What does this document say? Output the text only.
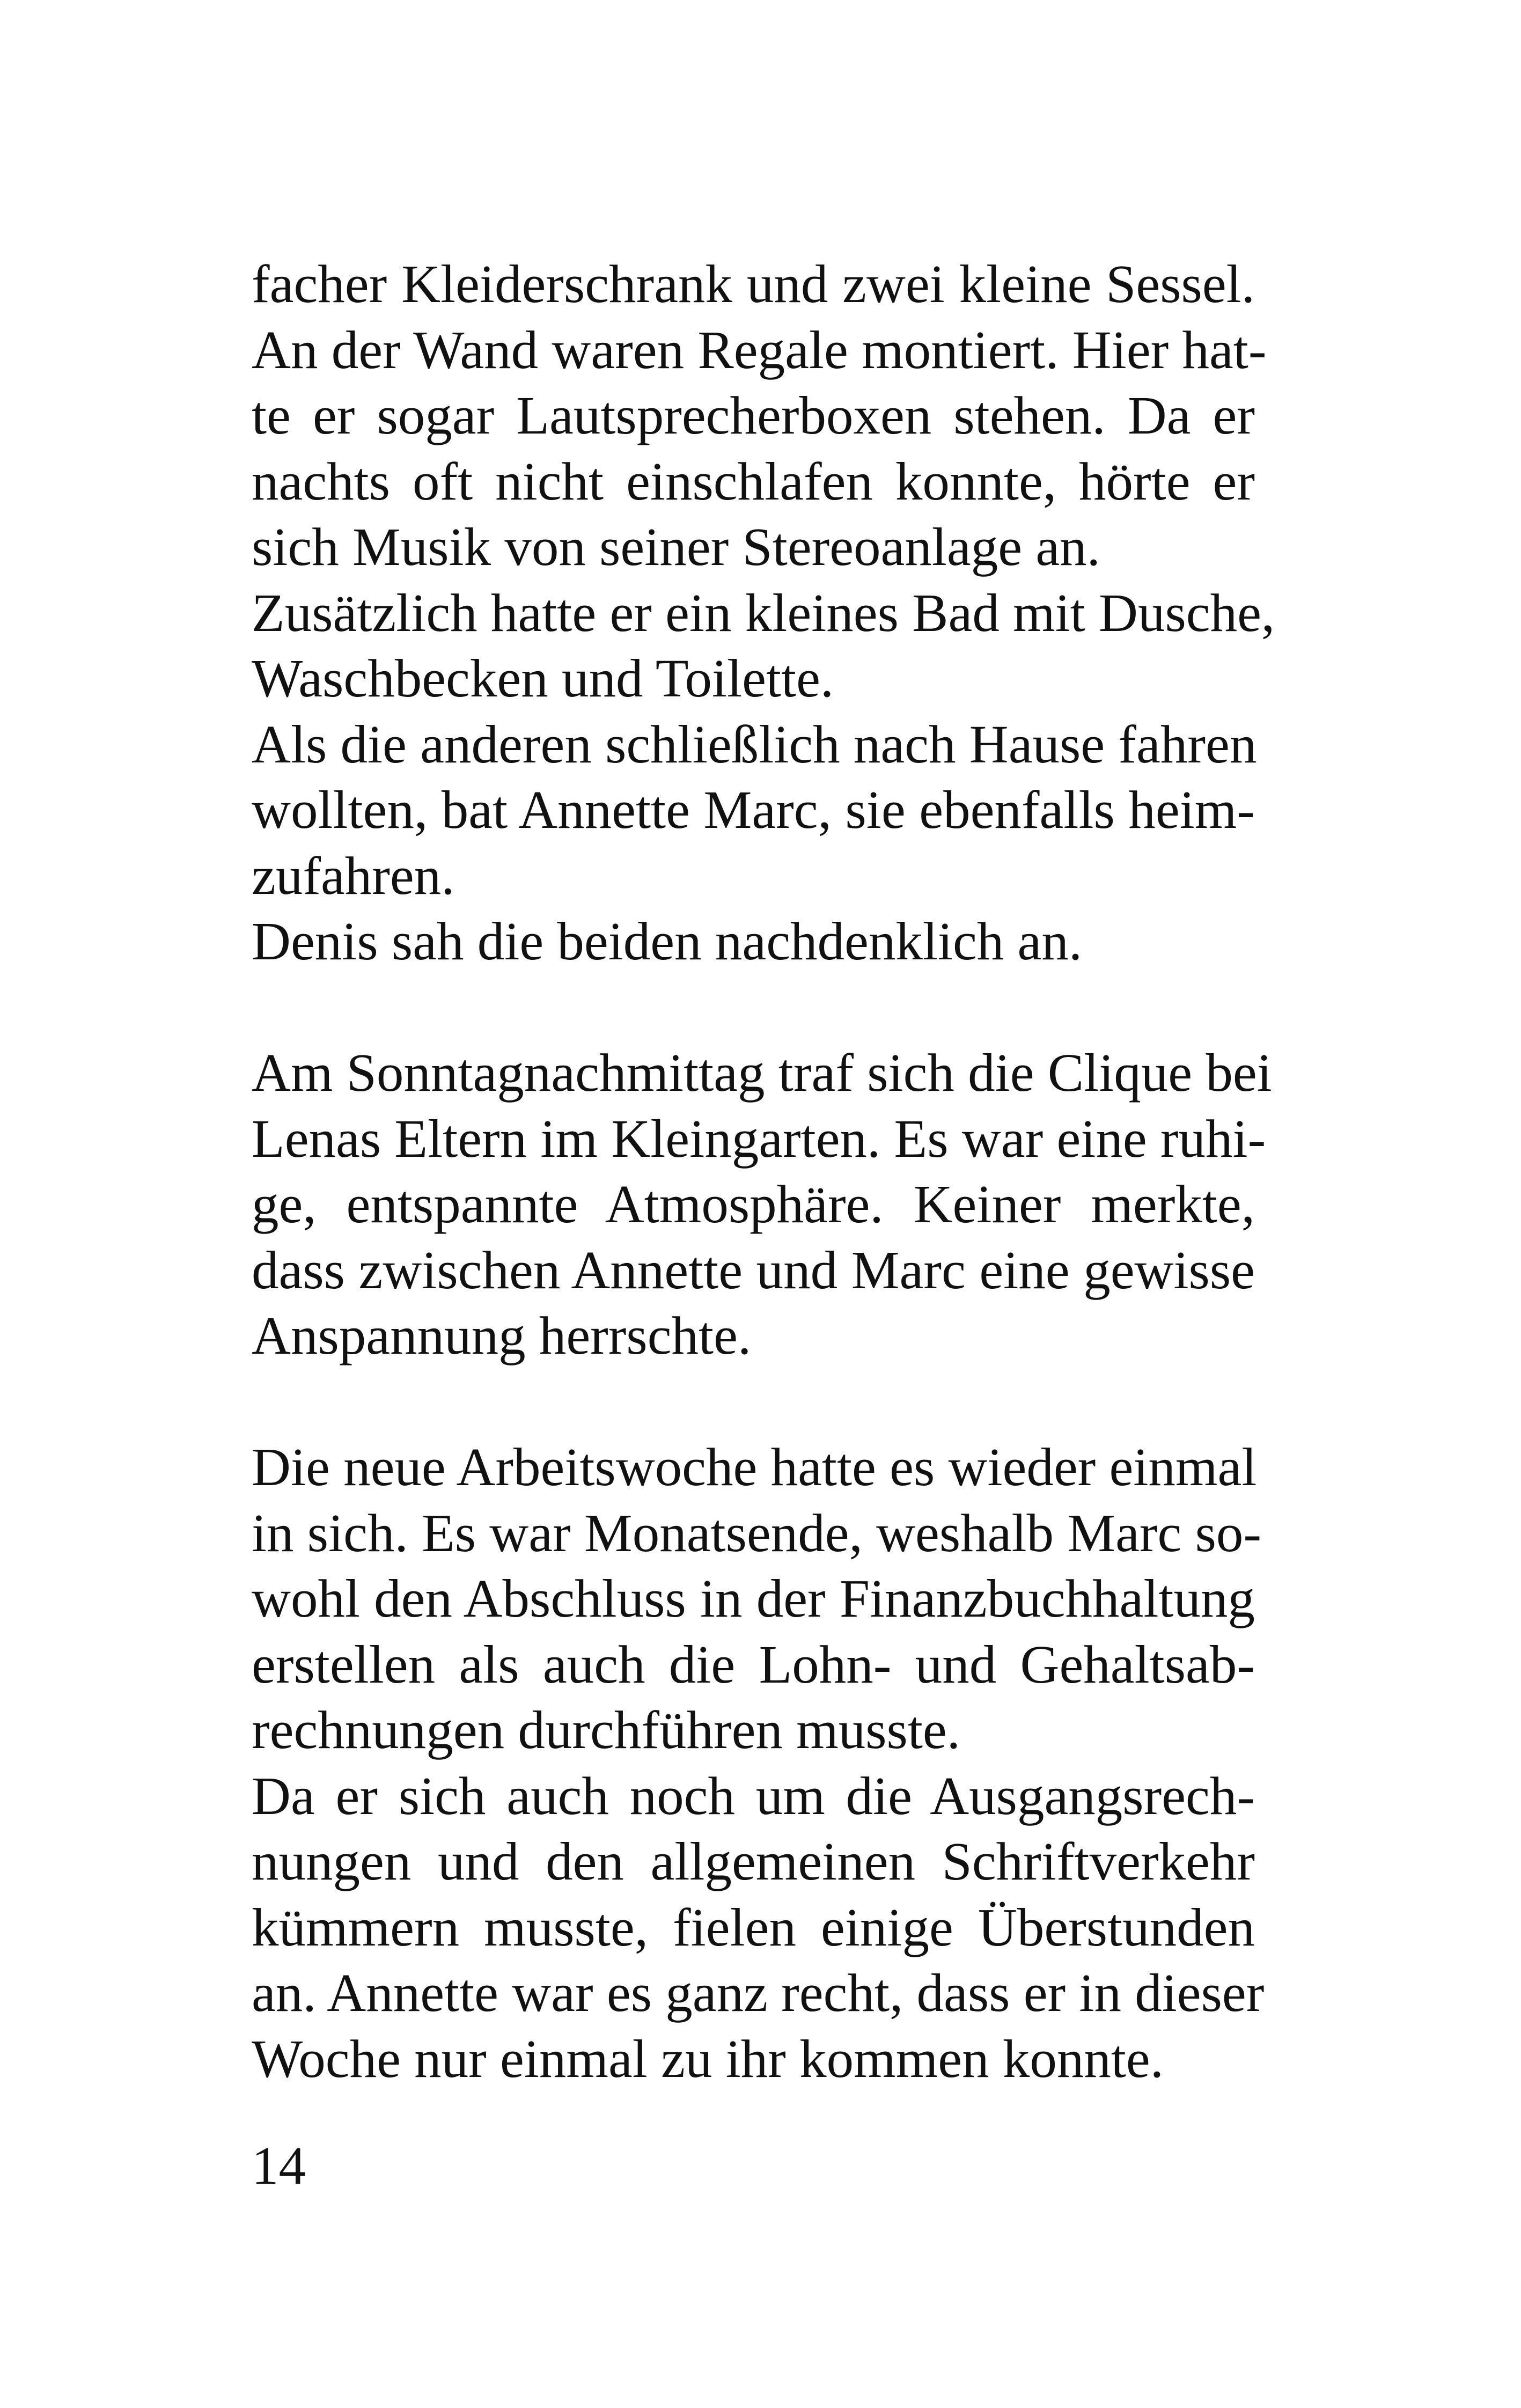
facher Kleiderschrank und zwei kleine Sessel.
An der Wand waren Regale montiert. Hier hat-
te er sogar Lautsprecherboxen stehen. Da er
nachts oft nicht einschlafen konnte, hörte er
sich Musik von seiner Stereoanlage an.
Zusätzlich hatte er ein kleines Bad mit Dusche,
Waschbecken und Toilette.
Als die anderen schließlich nach Hause fahren
wollten, bat Annette Marc, sie ebenfalls heim-
zufahren.
Denis sah die beiden nachdenklich an.
Am Sonntagnachmittag traf sich die Clique bei
Lenas Eltern im Kleingarten. Es war eine ruhi-
ge, entspannte Atmosphäre. Keiner merkte,
dass zwischen Annette und Marc eine gewisse
Anspannung herrschte.
Die neue Arbeitswoche hatte es wieder einmal
in sich. Es war Monatsende, weshalb Marc so-
wohl den Abschluss in der Finanzbuchhaltung
erstellen als auch die Lohn- und Gehaltsab-
rechnungen durchführen musste.
Da er sich auch noch um die Ausgangsrech-
nungen und den allgemeinen Schriftverkehr
kümmern musste, fielen einige Überstunden
an. Annette war es ganz recht, dass er in dieser
Woche nur einmal zu ihr kommen konnte.
14
